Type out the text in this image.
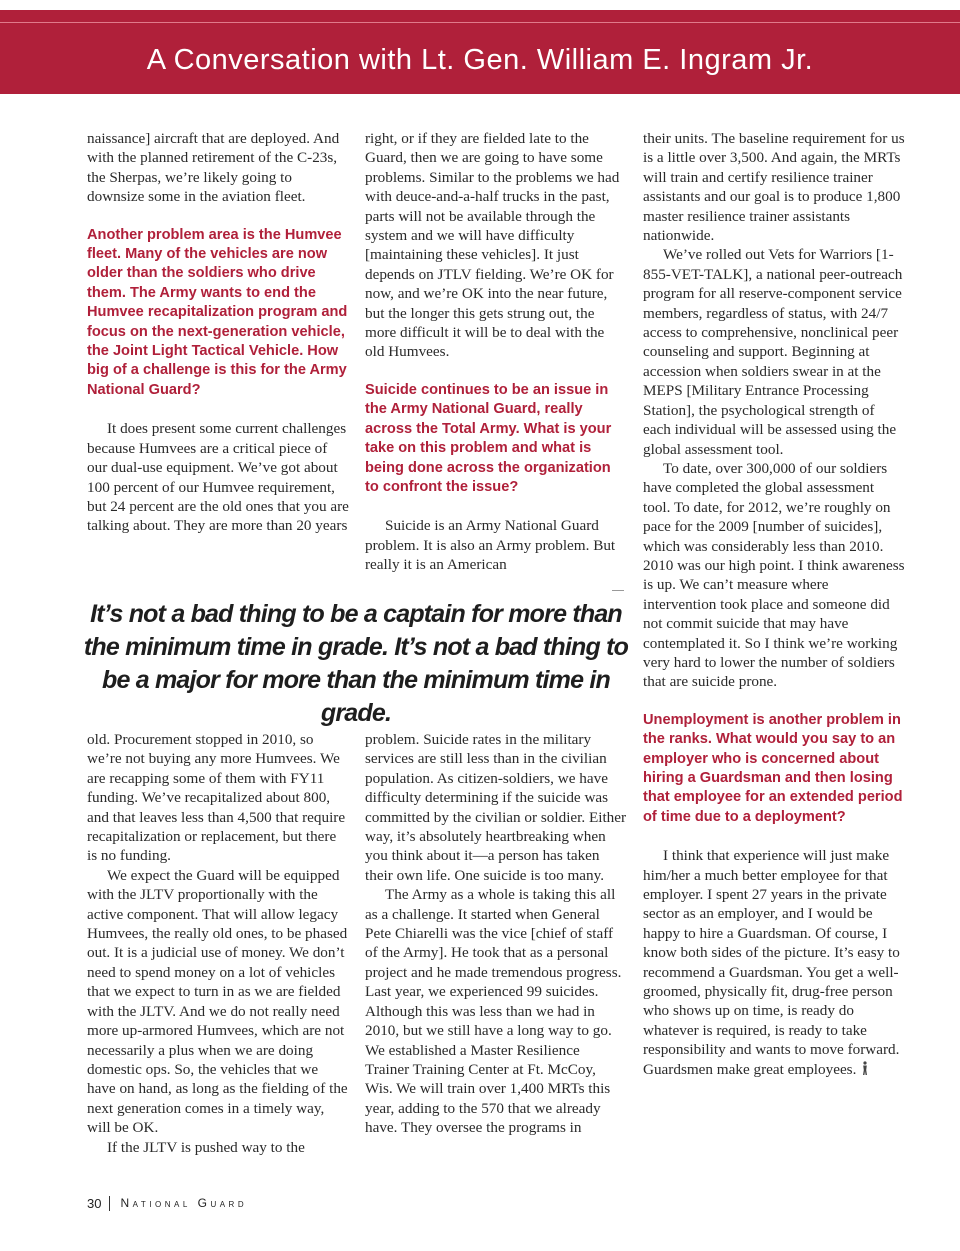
A Conversation with Lt. Gen. William E. Ingram Jr.

naissance] aircraft that are deployed. And with the planned retirement of the C-23s, the Sherpas, we’re likely going to downsize some in the aviation fleet.

Another problem area is the Humvee fleet. Many of the vehicles are now older than the soldiers who drive them. The Army wants to end the Humvee recapitalization program and focus on the next-generation vehicle, the Joint Light Tactical Vehicle. How big of a challenge is this for the Army National Guard?

It does present some current challenges because Humvees are a critical piece of our dual-use equipment. We’ve got about 100 percent of our Humvee requirement, but 24 percent are the old ones that you are talking about. They are more than 20 years

right, or if they are fielded late to the Guard, then we are going to have some problems. Similar to the problems we had with deuce-and-a-half trucks in the past, parts will not be available through the system and we will have difficulty [maintaining these vehicles]. It just depends on JTLV fielding. We’re OK for now, and we’re OK into the near future, but the longer this gets strung out, the more difficult it will be to deal with the old Humvees.

Suicide continues to be an issue in the Army National Guard, really across the Total Army. What is your take on this problem and what is being done across the organization to confront the issue?

Suicide is an Army National Guard problem. It is also an Army problem. But really it is an American

It’s not a bad thing to be a captain for more than the minimum time in grade. It’s not a bad thing to be a major for more than the minimum time in grade.

old. Procurement stopped in 2010, so we’re not buying any more Humvees. We are recapping some of them with FY11 funding. We’ve recapitalized about 800, and that leaves less than 4,500 that require recapitalization or replacement, but there is no funding.

We expect the Guard will be equipped with the JLTV proportionally with the active component. That will allow legacy Humvees, the really old ones, to be phased out. It is a judicial use of money. We don’t need to spend money on a lot of vehicles that we expect to turn in as we are fielded with the JLTV. And we do not really need more up-armored Humvees, which are not necessarily a plus when we are doing domestic ops. So, the vehicles that we have on hand, as long as the fielding of the next generation comes in a timely way, will be OK.

If the JLTV is pushed way to the

problem. Suicide rates in the military services are still less than in the civilian population. As citizen-soldiers, we have difficulty determining if the suicide was committed by the civilian or soldier. Either way, it’s absolutely heartbreaking when you think about it—a person has taken their own life. One suicide is too many.

The Army as a whole is taking this all as a challenge. It started when General Pete Chiarelli was the vice [chief of staff of the Army]. He took that as a personal project and he made tremendous progress. Last year, we experienced 99 suicides. Although this was less than we had in 2010, but we still have a long way to go. We established a Master Resilience Trainer Training Center at Ft. McCoy, Wis. We will train over 1,400 MRTs this year, adding to the 570 that we already have. They oversee the programs in

their units. The baseline requirement for us is a little over 3,500. And again, the MRTs will train and certify resilience trainer assistants and our goal is to produce 1,800 master resilience trainer assistants nationwide.

We’ve rolled out Vets for Warriors [1-855-VET-TALK], a national peer-outreach program for all reserve-component service members, regardless of status, with 24/7 access to comprehensive, nonclinical peer counseling and support. Beginning at accession when soldiers swear in at the MEPS [Military Entrance Processing Station], the psychological strength of each individual will be assessed using the global assessment tool.

To date, over 300,000 of our soldiers have completed the global assessment tool. To date, for 2012, we’re roughly on pace for the 2009 [number of suicides], which was considerably less than 2010. 2010 was our high point. I think awareness is up. We can’t measure where intervention took place and someone did not commit suicide that may have contemplated it. So I think we’re working very hard to lower the number of soldiers that are suicide prone.

Unemployment is another problem in the ranks. What would you say to an employer who is concerned about hiring a Guardsman and then losing that employee for an extended period of time due to a deployment?

I think that experience will just make him/her a much better employee for that employer. I spent 27 years in the private sector as an employer, and I would be happy to hire a Guardsman. Of course, I know both sides of the picture. It’s easy to recommend a Guardsman. You get a well-groomed, physically fit, drug-free person who shows up on time, is ready do whatever is required, is ready to take responsibility and wants to move forward. Guardsmen make great employees.

30	National Guard
